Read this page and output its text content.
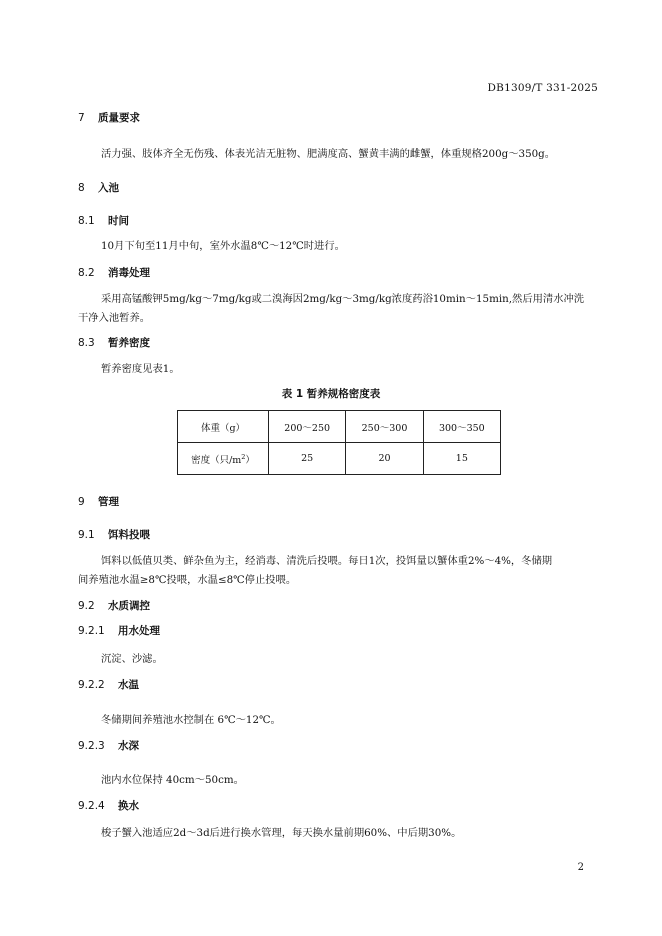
DB1309/T 331-2025
7 质量要求
活力强、肢体齐全无伤残、体表光洁无脏物、肥满度高、蟹黄丰满的雌蟹，体重规格200g～350g。
8 入池
8.1 时间
10月下旬至11月中旬，室外水温8℃～12℃时进行。
8.2 消毒处理
采用高锰酸钾5mg/kg～7mg/kg或二溴海因2mg/kg～3mg/kg浓度药浴10min～15min,然后用清水冲洗
干净入池暂养。
8.3 暂养密度
暂养密度见表1。
表 1 暂养规格密度表
体重（g）	200～250	250～300	300～350
密度（只$/m^2$）	25	20	15
9 管理
9.1 饵料投喂
饵料以低值贝类、鲜杂鱼为主，经消毒、清洗后投喂。每日1次，投饵量以蟹体重2%～4%，冬储期
间养殖池水温≥8℃投喂，水温≤8℃停止投喂。
9.2 水质调控
9.2.1 用水处理
沉淀、沙滤。
9.2.2 水温
冬储期间养殖池水控制在 6℃～12℃。
9.2.3 水深
池内水位保持 40cm～50cm。
9.2.4 换水
梭子蟹入池适应2d～3d后进行换水管理，每天换水量前期60%、中后期30%。
2
